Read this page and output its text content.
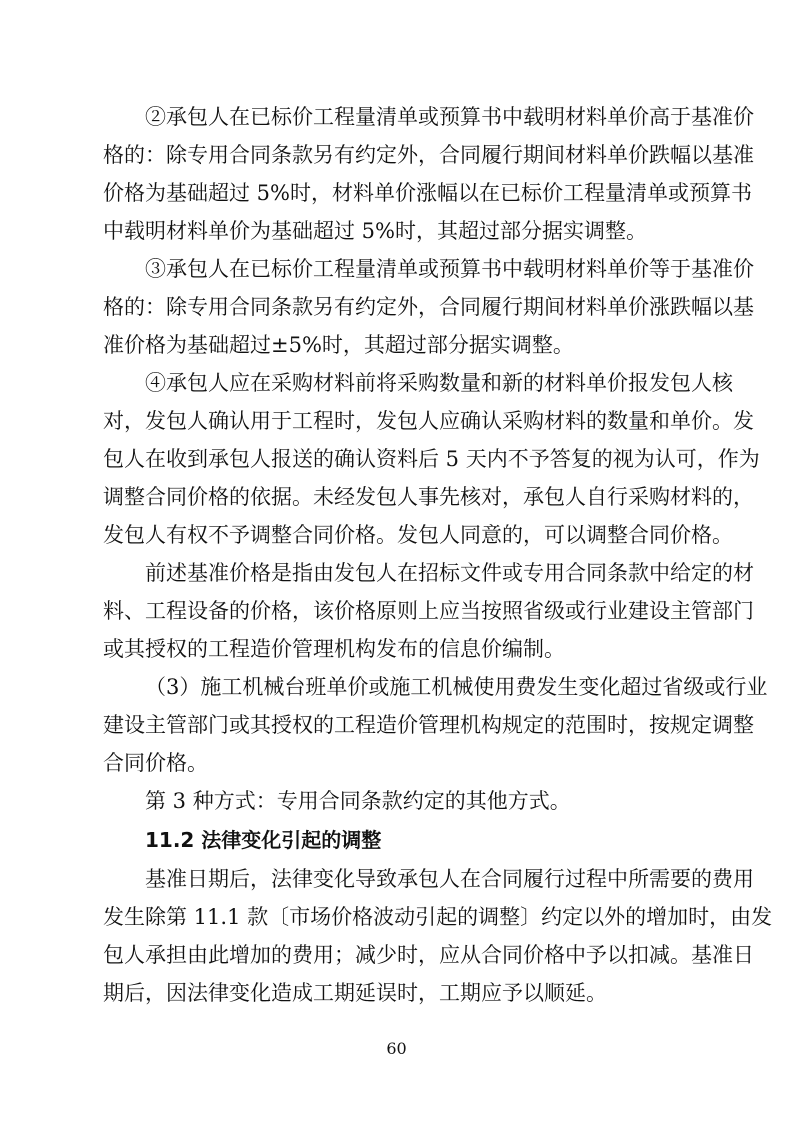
②承包人在已标价工程量清单或预算书中载明材料单价高于基准价

格的：除专用合同条款另有约定外，合同履行期间材料单价跌幅以基准

价格为基础超过 5%时，材料单价涨幅以在已标价工程量清单或预算书

中载明材料单价为基础超过 5%时，其超过部分据实调整。

③承包人在已标价工程量清单或预算书中载明材料单价等于基准价

格的：除专用合同条款另有约定外，合同履行期间材料单价涨跌幅以基

准价格为基础超过±5%时，其超过部分据实调整。

④承包人应在采购材料前将采购数量和新的材料单价报发包人核

对，发包人确认用于工程时，发包人应确认采购材料的数量和单价。发

包人在收到承包人报送的确认资料后 5 天内不予答复的视为认可，作为

调整合同价格的依据。未经发包人事先核对，承包人自行采购材料的，

发包人有权不予调整合同价格。发包人同意的，可以调整合同价格。

前述基准价格是指由发包人在招标文件或专用合同条款中给定的材

料、工程设备的价格，该价格原则上应当按照省级或行业建设主管部门

或其授权的工程造价管理机构发布的信息价编制。

（3）施工机械台班单价或施工机械使用费发生变化超过省级或行业

建设主管部门或其授权的工程造价管理机构规定的范围时，按规定调整

合同价格。

第 3 种方式：专用合同条款约定的其他方式。

11.2 法律变化引起的调整

基准日期后，法律变化导致承包人在合同履行过程中所需要的费用

发生除第 11.1 款〔市场价格波动引起的调整〕约定以外的增加时，由发

包人承担由此增加的费用；减少时，应从合同价格中予以扣减。基准日

期后，因法律变化造成工期延误时，工期应予以顺延。

60
